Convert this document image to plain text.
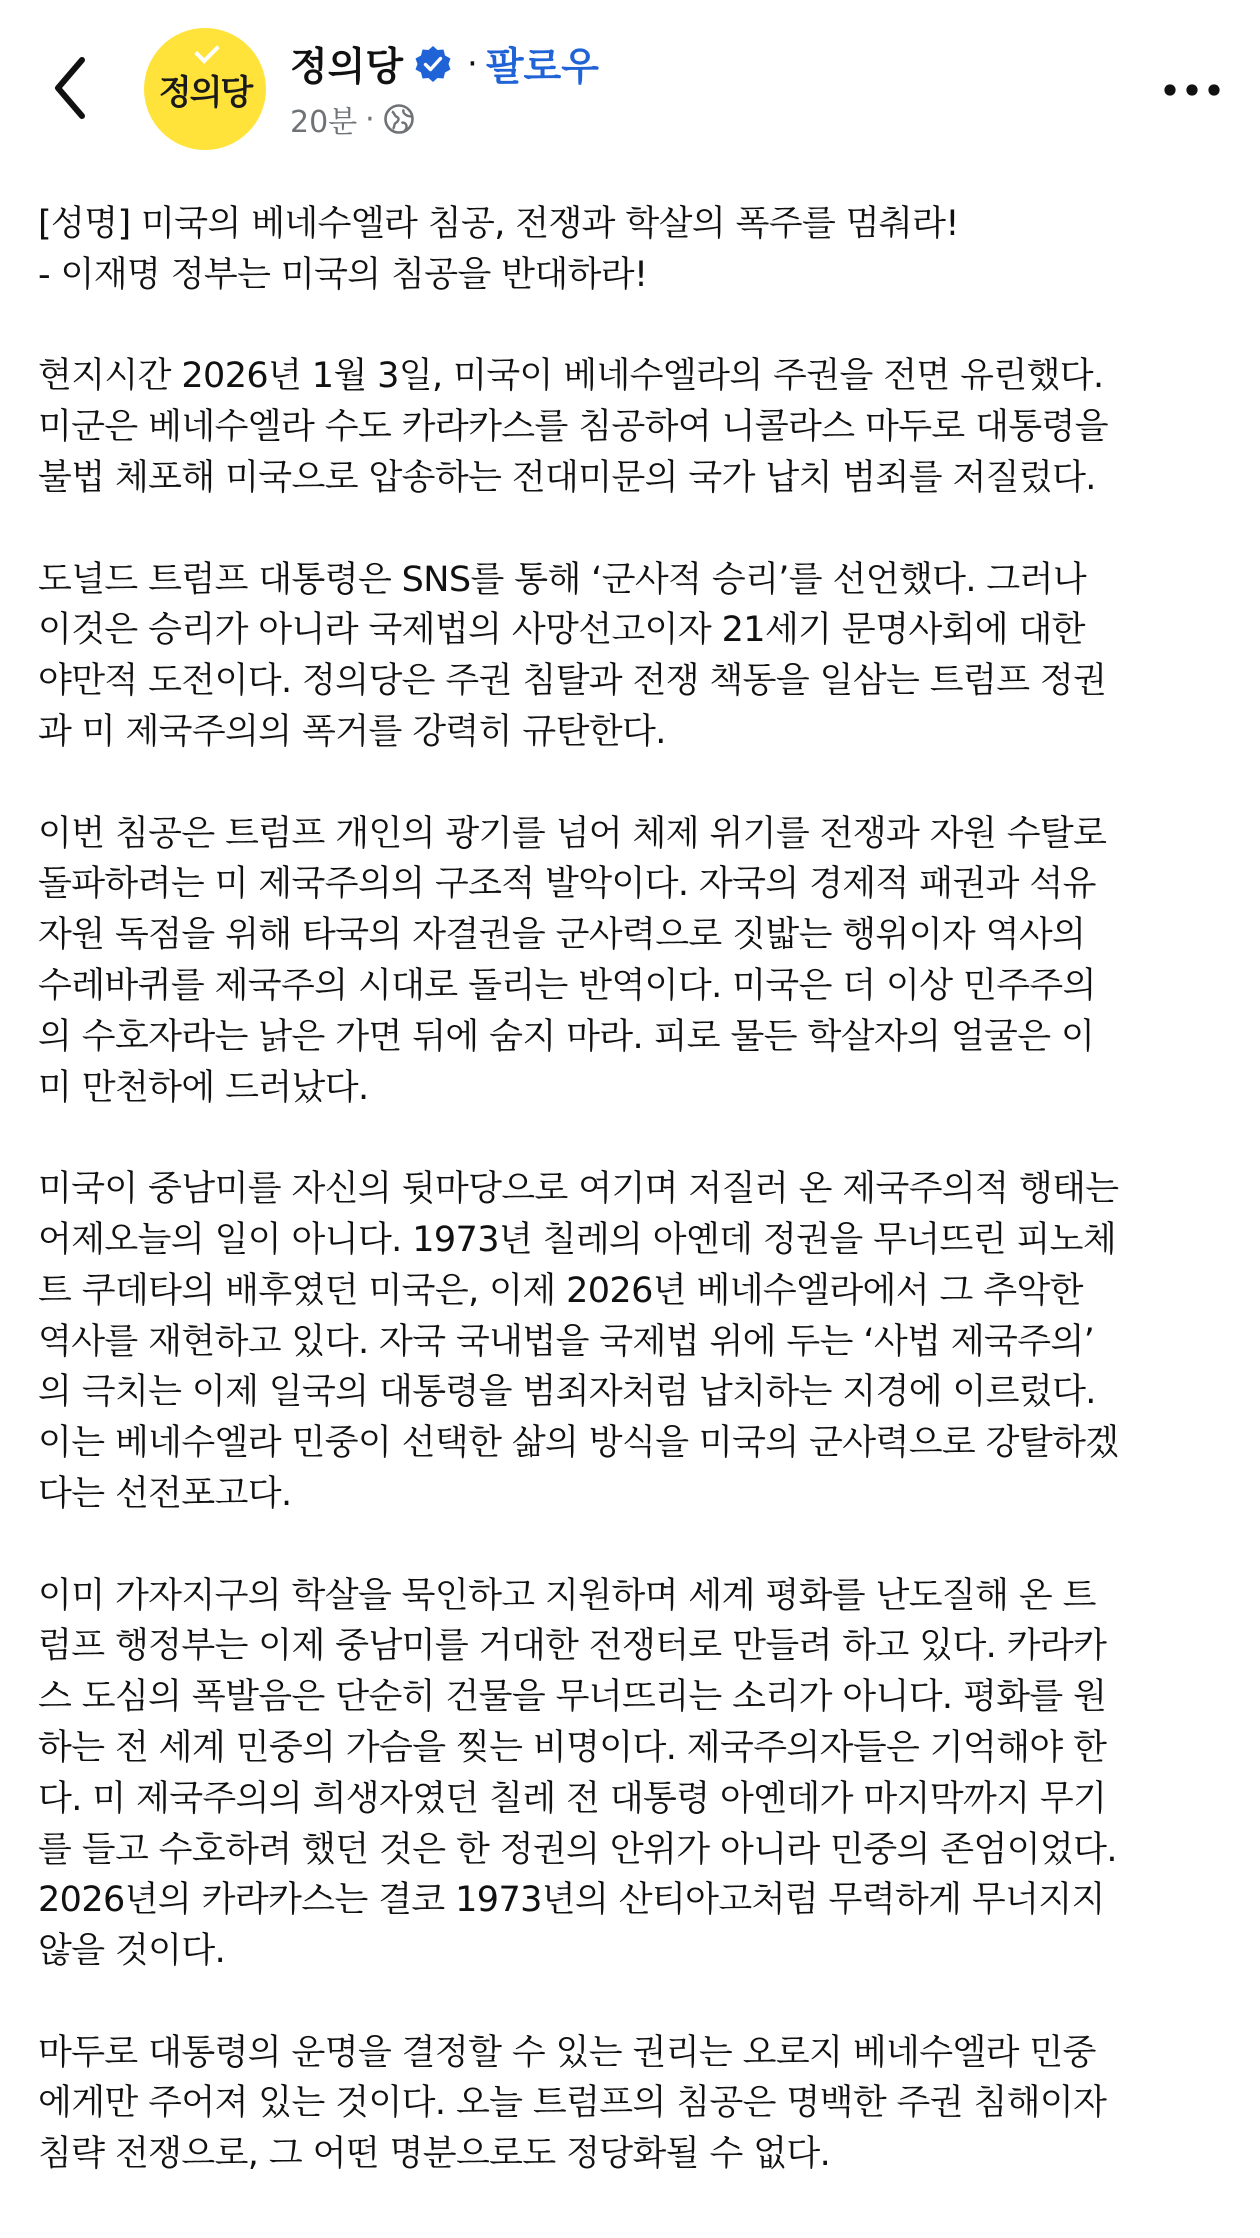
정의당
정의당 · 팔로우
20분 ·
[성명] 미국의 베네수엘라 침공, 전쟁과 학살의 폭주를 멈춰라!
- 이재명 정부는 미국의 침공을 반대하라!
현지시간 2026년 1월 3일, 미국이 베네수엘라의 주권을 전면 유린했다.
미군은 베네수엘라 수도 카라카스를 침공하여 니콜라스 마두로 대통령을
불법 체포해 미국으로 압송하는 전대미문의 국가 납치 범죄를 저질렀다.
도널드 트럼프 대통령은 SNS를 통해 ‘군사적 승리’를 선언했다. 그러나
이것은 승리가 아니라 국제법의 사망선고이자 21세기 문명사회에 대한
야만적 도전이다. 정의당은 주권 침탈과 전쟁 책동을 일삼는 트럼프 정권
과 미 제국주의의 폭거를 강력히 규탄한다.
이번 침공은 트럼프 개인의 광기를 넘어 체제 위기를 전쟁과 자원 수탈로
돌파하려는 미 제국주의의 구조적 발악이다. 자국의 경제적 패권과 석유
자원 독점을 위해 타국의 자결권을 군사력으로 짓밟는 행위이자 역사의
수레바퀴를 제국주의 시대로 돌리는 반역이다. 미국은 더 이상 민주주의
의 수호자라는 낡은 가면 뒤에 숨지 마라. 피로 물든 학살자의 얼굴은 이
미 만천하에 드러났다.
미국이 중남미를 자신의 뒷마당으로 여기며 저질러 온 제국주의적 행태는
어제오늘의 일이 아니다. 1973년 칠레의 아옌데 정권을 무너뜨린 피노체
트 쿠데타의 배후였던 미국은, 이제 2026년 베네수엘라에서 그 추악한
역사를 재현하고 있다. 자국 국내법을 국제법 위에 두는 ‘사법 제국주의’
의 극치는 이제 일국의 대통령을 범죄자처럼 납치하는 지경에 이르렀다.
이는 베네수엘라 민중이 선택한 삶의 방식을 미국의 군사력으로 강탈하겠
다는 선전포고다.
이미 가자지구의 학살을 묵인하고 지원하며 세계 평화를 난도질해 온 트
럼프 행정부는 이제 중남미를 거대한 전쟁터로 만들려 하고 있다. 카라카
스 도심의 폭발음은 단순히 건물을 무너뜨리는 소리가 아니다. 평화를 원
하는 전 세계 민중의 가슴을 찢는 비명이다. 제국주의자들은 기억해야 한
다. 미 제국주의의 희생자였던 칠레 전 대통령 아옌데가 마지막까지 무기
를 들고 수호하려 했던 것은 한 정권의 안위가 아니라 민중의 존엄이었다.
2026년의 카라카스는 결코 1973년의 산티아고처럼 무력하게 무너지지
않을 것이다.
마두로 대통령의 운명을 결정할 수 있는 권리는 오로지 베네수엘라 민중
에게만 주어져 있는 것이다. 오늘 트럼프의 침공은 명백한 주권 침해이자
침략 전쟁으로, 그 어떤 명분으로도 정당화될 수 없다.
